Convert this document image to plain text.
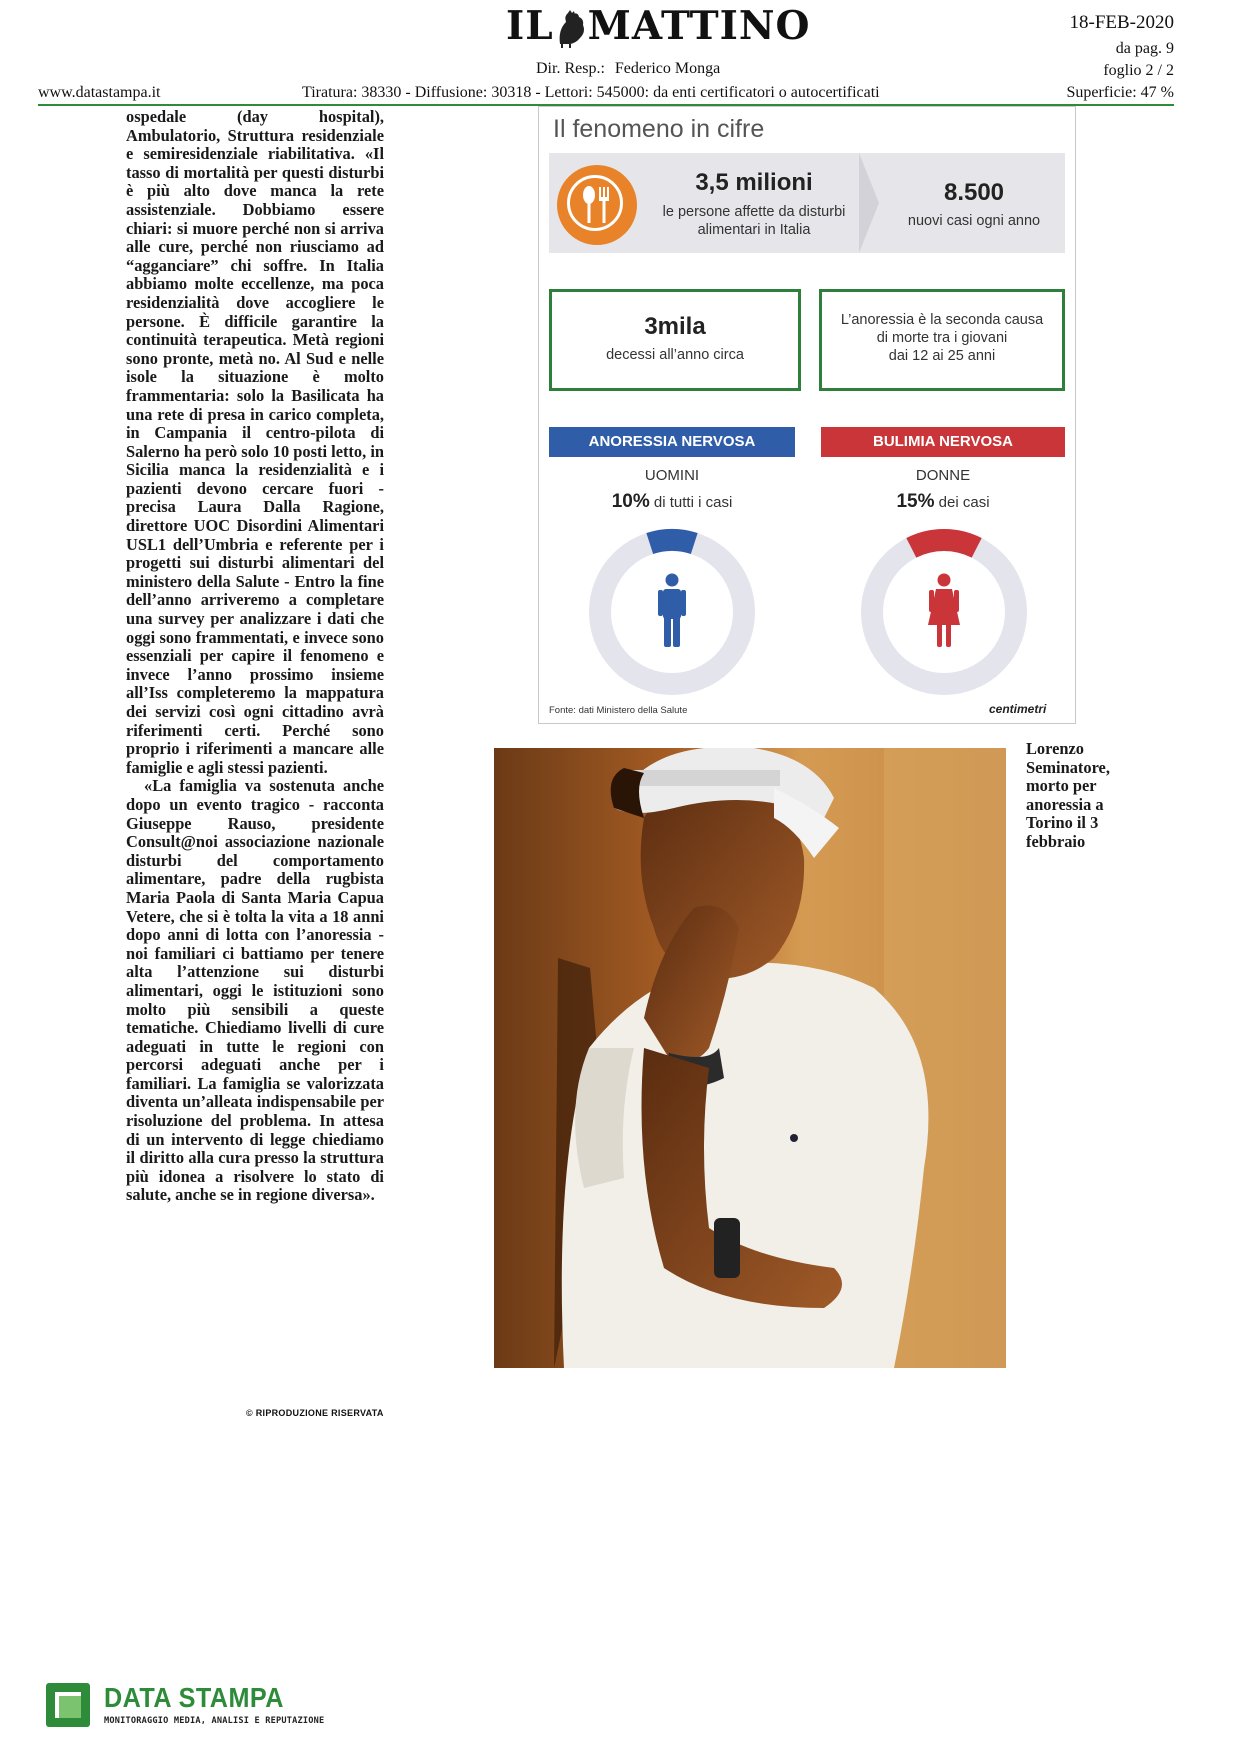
IL MATTINO	18-FEB-2020
da pag. 9
foglio 2 / 2
Dir. Resp.: Federico Monga
www.datastampa.it	Tiratura: 38330 - Diffusione: 30318 - Lettori: 545000: da enti certificatori o autocertificati	Superficie: 47 %

ospedale (day hospital), Ambulatorio, Struttura residenziale e semiresidenziale riabilitativa. «Il tasso di mortalità per questi disturbi è più alto dove manca la rete assistenziale. Dobbiamo essere chiari: si muore perché non si arriva alle cure, perché non riusciamo ad “agganciare” chi soffre. In Italia abbiamo molte eccellenze, ma poca residenzialità dove accogliere le persone. È difficile garantire la continuità terapeutica. Metà regioni sono pronte, metà no. Al Sud e nelle isole la situazione è molto frammentaria: solo la Basilicata ha una rete di presa in carico completa, in Campania il centro-pilota di Salerno ha però solo 10 posti letto, in Sicilia manca la residenzialità e i pazienti devono cercare fuori - precisa Laura Dalla Ragione, direttore UOC Disordini Alimentari USL1 dell’Umbria e referente per i progetti sui disturbi alimentari del ministero della Salute - Entro la fine dell’anno arriveremo a completare una survey per analizzare i dati che oggi sono frammentati, e invece sono essenziali per capire il fenomeno e invece l’anno prossimo insieme all’Iss completeremo la mappatura dei servizi così ogni cittadino avrà riferimenti certi. Perché sono proprio i riferimenti a mancare alle famiglie e agli stessi pazienti.

«La famiglia va sostenuta anche dopo un evento tragico - racconta Giuseppe Rauso, presidente Consult@noi associazione nazionale disturbi del comportamento alimentare, padre della rugbista Maria Paola di Santa Maria Capua Vetere, che si è tolta la vita a 18 anni dopo anni di lotta con l’anoressia - noi familiari ci battiamo per tenere alta l’attenzione sui disturbi alimentari, oggi le istituzioni sono molto più sensibili a queste tematiche. Chiediamo livelli di cure adeguati in tutte le regioni con percorsi adeguati anche per i familiari. La famiglia se valorizzata diventa un’alleata indispensabile per risoluzione del problema. In attesa di un intervento di legge chiediamo il diritto alla cura presso la struttura più idonea a risolvere lo stato di salute, anche se in regione diversa».

© RIPRODUZIONE RISERVATA
Il fenomeno in cifre
3,5 milioni
le persone affette da disturbi
alimentari in Italia
8.500
nuovi casi ogni anno
3mila
decessi all’anno circa
L’anoressia è la seconda causa
di morte tra i giovani
dai 12 ai 25 anni
ANORESSIA NERVOSA	BULIMIA NERVOSA
UOMINI	DONNE
10% di tutti i casi	15% dei casi
Fonte: dati Ministero della Salute	centimetri
Lorenzo
Seminatore,
morto per
anoressia a
Torino il 3
febbraio
DATA STAMPA
MONITORAGGIO MEDIA, ANALISI E REPUTAZIONE
